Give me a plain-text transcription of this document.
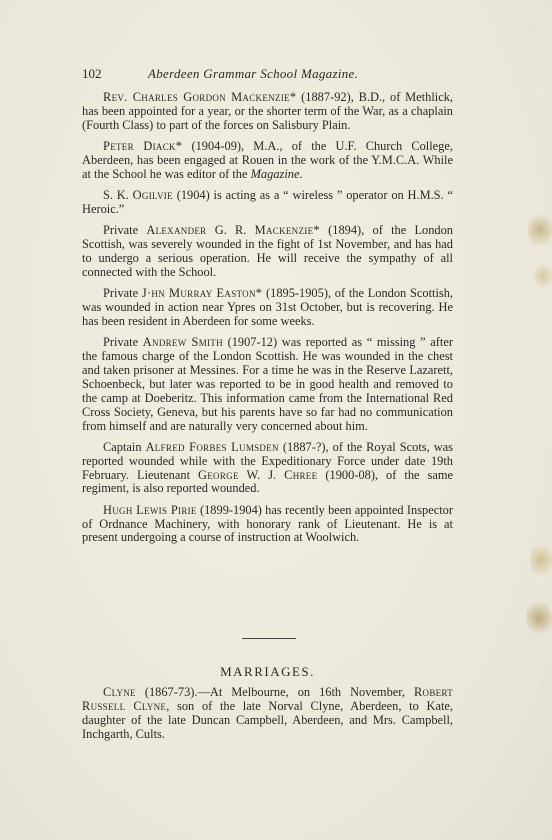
102	Aberdeen Grammar School Magazine.

Rev. Charles Gordon Mackenzie* (1887-92), B.D., of Methlick, has been appointed for a year, or the shorter term of the War, as a chaplain (Fourth Class) to part of the forces on Salisbury Plain.

Peter Diack* (1904-09), M.A., of the U.F. Church College, Aberdeen, has been engaged at Rouen in the work of the Y.M.C.A. While at the School he was editor of the Magazine.

S. K. Ogilvie (1904) is acting as a “ wireless ” operator on H.M.S. “ Heroic.”

Private Alexander G. R. Mackenzie* (1894), of the London Scottish, was severely wounded in the fight of 1st November, and has had to undergo a serious operation. He will receive the sympathy of all connected with the School.

Private J·hn Murray Easton* (1895-1905), of the London Scottish, was wounded in action near Ypres on 31st October, but is recovering. He has been resident in Aberdeen for some weeks.

Private Andrew Smith (1907-12) was reported as “ missing ” after the famous charge of the London Scottish. He was wounded in the chest and taken prisoner at Messines. For a time he was in the Reserve Lazarett, Schoenbeck, but later was reported to be in good health and removed to the camp at Doeberitz. This information came from the International Red Cross Society, Geneva, but his parents have so far had no communication from himself and are naturally very concerned about him.

Captain Alfred Forbes Lumsden (1887-?), of the Royal Scots, was reported wounded while with the Expeditionary Force under date 19th February. Lieutenant George W. J. Chree (1900-08), of the same regiment, is also reported wounded.

Hugh Lewis Pirie (1899-1904) has recently been appointed Inspector of Ordnance Machinery, with honorary rank of Lieutenant. He is at present undergoing a course of instruction at Woolwich.

MARRIAGES.

Clyne (1867-73).—At Melbourne, on 16th November, Robert Russell Clyne, son of the late Norval Clyne, Aberdeen, to Kate, daughter of the late Duncan Campbell, Aberdeen, and Mrs. Campbell, Inchgarth, Cults.
